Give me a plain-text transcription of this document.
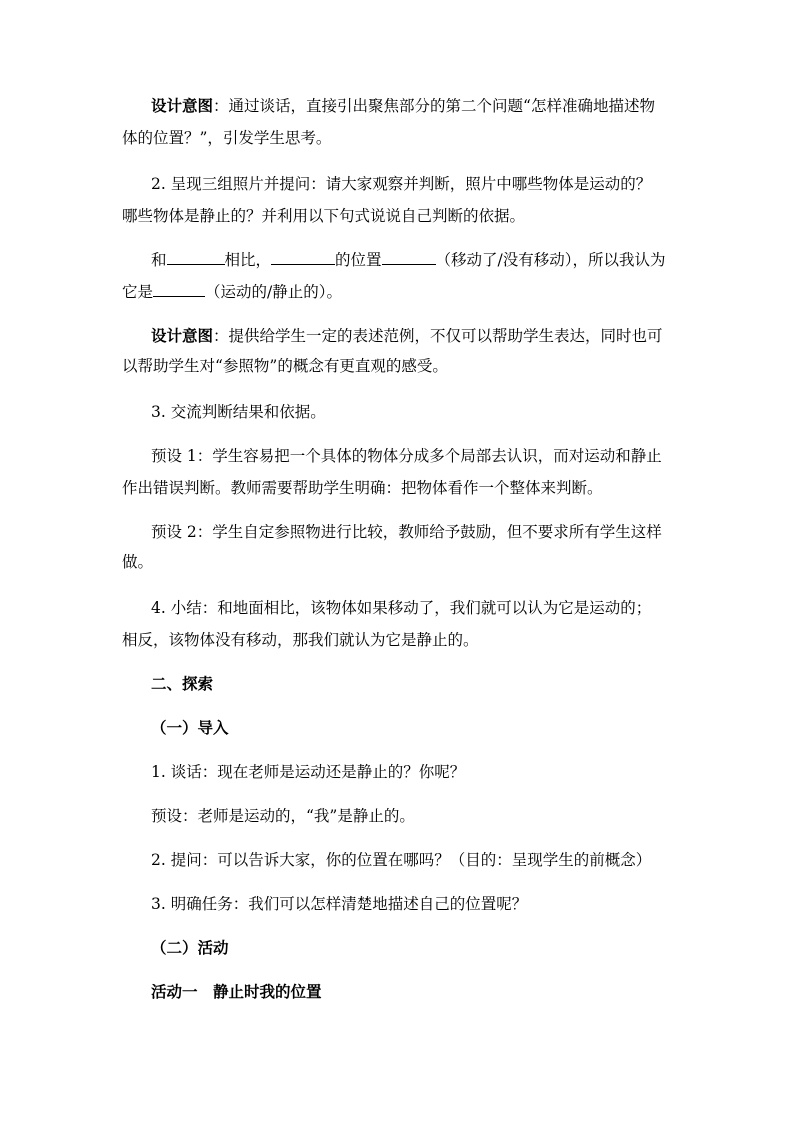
设计意图：通过谈话，直接引出聚焦部分的第二个问题“怎样准确地描述物
体的位置？”，引发学生思考。
2. 呈现三组照片并提问：请大家观察并判断，照片中哪些物体是运动的？
哪些物体是静止的？并利用以下句式说说自己判断的依据。
和	相比，	的位置	（移动了/没有移动），所以我认为
它是	（运动的/静止的）。
设计意图：提供给学生一定的表述范例，不仅可以帮助学生表达，同时也可
以帮助学生对“参照物”的概念有更直观的感受。
3. 交流判断结果和依据。
预设 1：学生容易把一个具体的物体分成多个局部去认识，而对运动和静止
作出错误判断。教师需要帮助学生明确：把物体看作一个整体来判断。
预设 2：学生自定参照物进行比较，教师给予鼓励，但不要求所有学生这样
做。
4. 小结：和地面相比，该物体如果移动了，我们就可以认为它是运动的；
相反，该物体没有移动，那我们就认为它是静止的。
二、探索
（一）导入
1. 谈话：现在老师是运动还是静止的？你呢？
预设：老师是运动的，“我”是静止的。
2. 提问：可以告诉大家，你的位置在哪吗？（目的：呈现学生的前概念）
3. 明确任务：我们可以怎样清楚地描述自己的位置呢？
（二）活动
活动一　静止时我的位置
